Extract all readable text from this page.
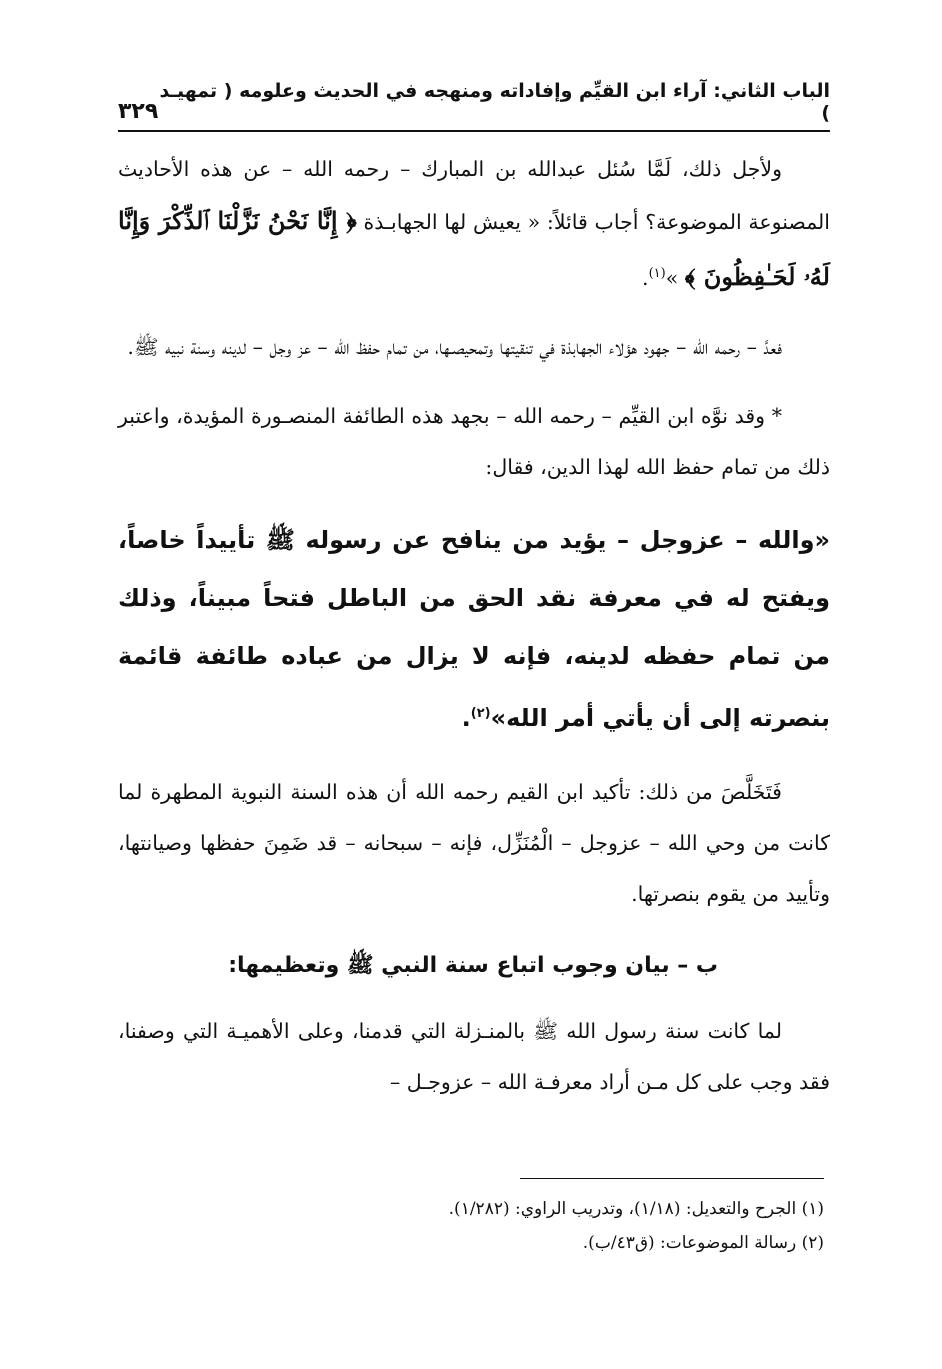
الباب الثاني: آراء ابن القيِّم وإفاداته ومنهجه في الحديث وعلومه ( تمهيـد )
٣٢٩

ولأجل ذلك، لَمَّا سُئل عبدالله بن المبارك – رحمه الله – عن هذه الأحاديث المصنوعة الموضوعة؟ أجاب قائلاً: « يعيش لها الجهابـذة ﴿ إِنَّا نَحْنُ نَزَّلْنَا ٱلذِّكْرَ وَإِنَّا لَهُۥ لَحَـٰفِظُونَ ﴾ »$^{(١)}$.

فعدَّ – رحمه الله – جهود هؤلاء الجهابذة في تنقيتها وتمحيصـها، من تمام حفظ الله – عز وجل – لدينه وسنة نبيه ﷺ.

* وقد نوَّه ابن القيِّم – رحمه الله – بجهد هذه الطائفة المنصـورة المؤيدة، واعتبر ذلك من تمام حفظ الله لهذا الدين، فقال:

«والله – عزوجل – يؤيد من ينافح عن رسوله ﷺ تأييداً خاصاً، ويفتح له في معرفة نقد الحق من الباطل فتحاً مبيناً، وذلك من تمام حفظه لدينه، فإنه لا يزال من عباده طائفة قائمة بنصرته إلى أن يأتي أمر الله»$^{(٢)}$.

فَتَخَلَّصَ من ذلك: تأكيد ابن القيم رحمه الله أن هذه السنة النبوية المطهرة لما كانت من وحي الله – عزوجل – الْمُنَزِّل، فإنه – سبحانه – قد ضَمِنَ حفظها وصيانتها، وتأييد من يقوم بنصرتها.

ب – بيان وجوب اتباع سنة النبي ﷺ وتعظيمها:

لما كانت سنة رسول الله ﷺ بالمنـزلة التي قدمنا، وعلى الأهميـة التي وصفنا، فقد وجب على كل مـن أراد معرفـة الله – عزوجـل –

(١) الجرح والتعديل: (١/١٨)، وتدريب الراوي: (١/٢٨٢).
(٢) رسالة الموضوعات: (ق٤٣/ب).
